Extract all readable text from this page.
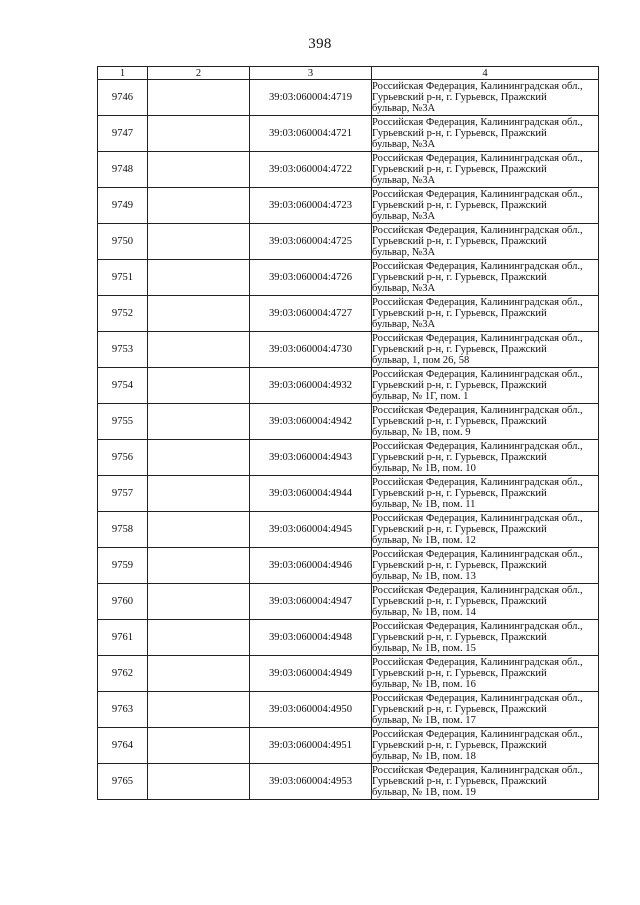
398
1	2	3	4
9746		39:03:060004:4719	Российская Федерация, Калининградская обл.,
Гурьевский р-н, г. Гурьевск, Пражский
бульвар, №3А

9747		39:03:060004:4721	Российская Федерация, Калининградская обл.,
Гурьевский р-н, г. Гурьевск, Пражский
бульвар, №3А

9748		39:03:060004:4722	Российская Федерация, Калининградская обл.,
Гурьевский р-н, г. Гурьевск, Пражский
бульвар, №3А

9749		39:03:060004:4723	Российская Федерация, Калининградская обл.,
Гурьевский р-н, г. Гурьевск, Пражский
бульвар, №3А

9750		39:03:060004:4725	Российская Федерация, Калининградская обл.,
Гурьевский р-н, г. Гурьевск, Пражский
бульвар, №3А

9751		39:03:060004:4726	Российская Федерация, Калининградская обл.,
Гурьевский р-н, г. Гурьевск, Пражский
бульвар, №3А

9752		39:03:060004:4727	Российская Федерация, Калининградская обл.,
Гурьевский р-н, г. Гурьевск, Пражский
бульвар, №3А

9753		39:03:060004:4730	Российская Федерация, Калининградская обл.,
Гурьевский р-н, г. Гурьевск, Пражский
бульвар, 1, пом 26, 58

9754		39:03:060004:4932	Российская Федерация, Калининградская обл.,
Гурьевский р-н, г. Гурьевск, Пражский
бульвар, № 1Г, пом. 1

9755		39:03:060004:4942	Российская Федерация, Калининградская обл.,
Гурьевский р-н, г. Гурьевск, Пражский
бульвар, № 1В, пом. 9

9756		39:03:060004:4943	Российская Федерация, Калининградская обл.,
Гурьевский р-н, г. Гурьевск, Пражский
бульвар, № 1В, пом. 10

9757		39:03:060004:4944	Российская Федерация, Калининградская обл.,
Гурьевский р-н, г. Гурьевск, Пражский
бульвар, № 1В, пом. 11

9758		39:03:060004:4945	Российская Федерация, Калининградская обл.,
Гурьевский р-н, г. Гурьевск, Пражский
бульвар, № 1В, пом. 12

9759		39:03:060004:4946	Российская Федерация, Калининградская обл.,
Гурьевский р-н, г. Гурьевск, Пражский
бульвар, № 1В, пом. 13

9760		39:03:060004:4947	Российская Федерация, Калининградская обл.,
Гурьевский р-н, г. Гурьевск, Пражский
бульвар, № 1В, пом. 14

9761		39:03:060004:4948	Российская Федерация, Калининградская обл.,
Гурьевский р-н, г. Гурьевск, Пражский
бульвар, № 1В, пом. 15

9762		39:03:060004:4949	Российская Федерация, Калининградская обл.,
Гурьевский р-н, г. Гурьевск, Пражский
бульвар, № 1В, пом. 16

9763		39:03:060004:4950	Российская Федерация, Калининградская обл.,
Гурьевский р-н, г. Гурьевск, Пражский
бульвар, № 1В, пом. 17

9764		39:03:060004:4951	Российская Федерация, Калининградская обл.,
Гурьевский р-н, г. Гурьевск, Пражский
бульвар, № 1В, пом. 18

9765		39:03:060004:4953	Российская Федерация, Калининградская обл.,
Гурьевский р-н, г. Гурьевск, Пражский
бульвар, № 1В, пом. 19
